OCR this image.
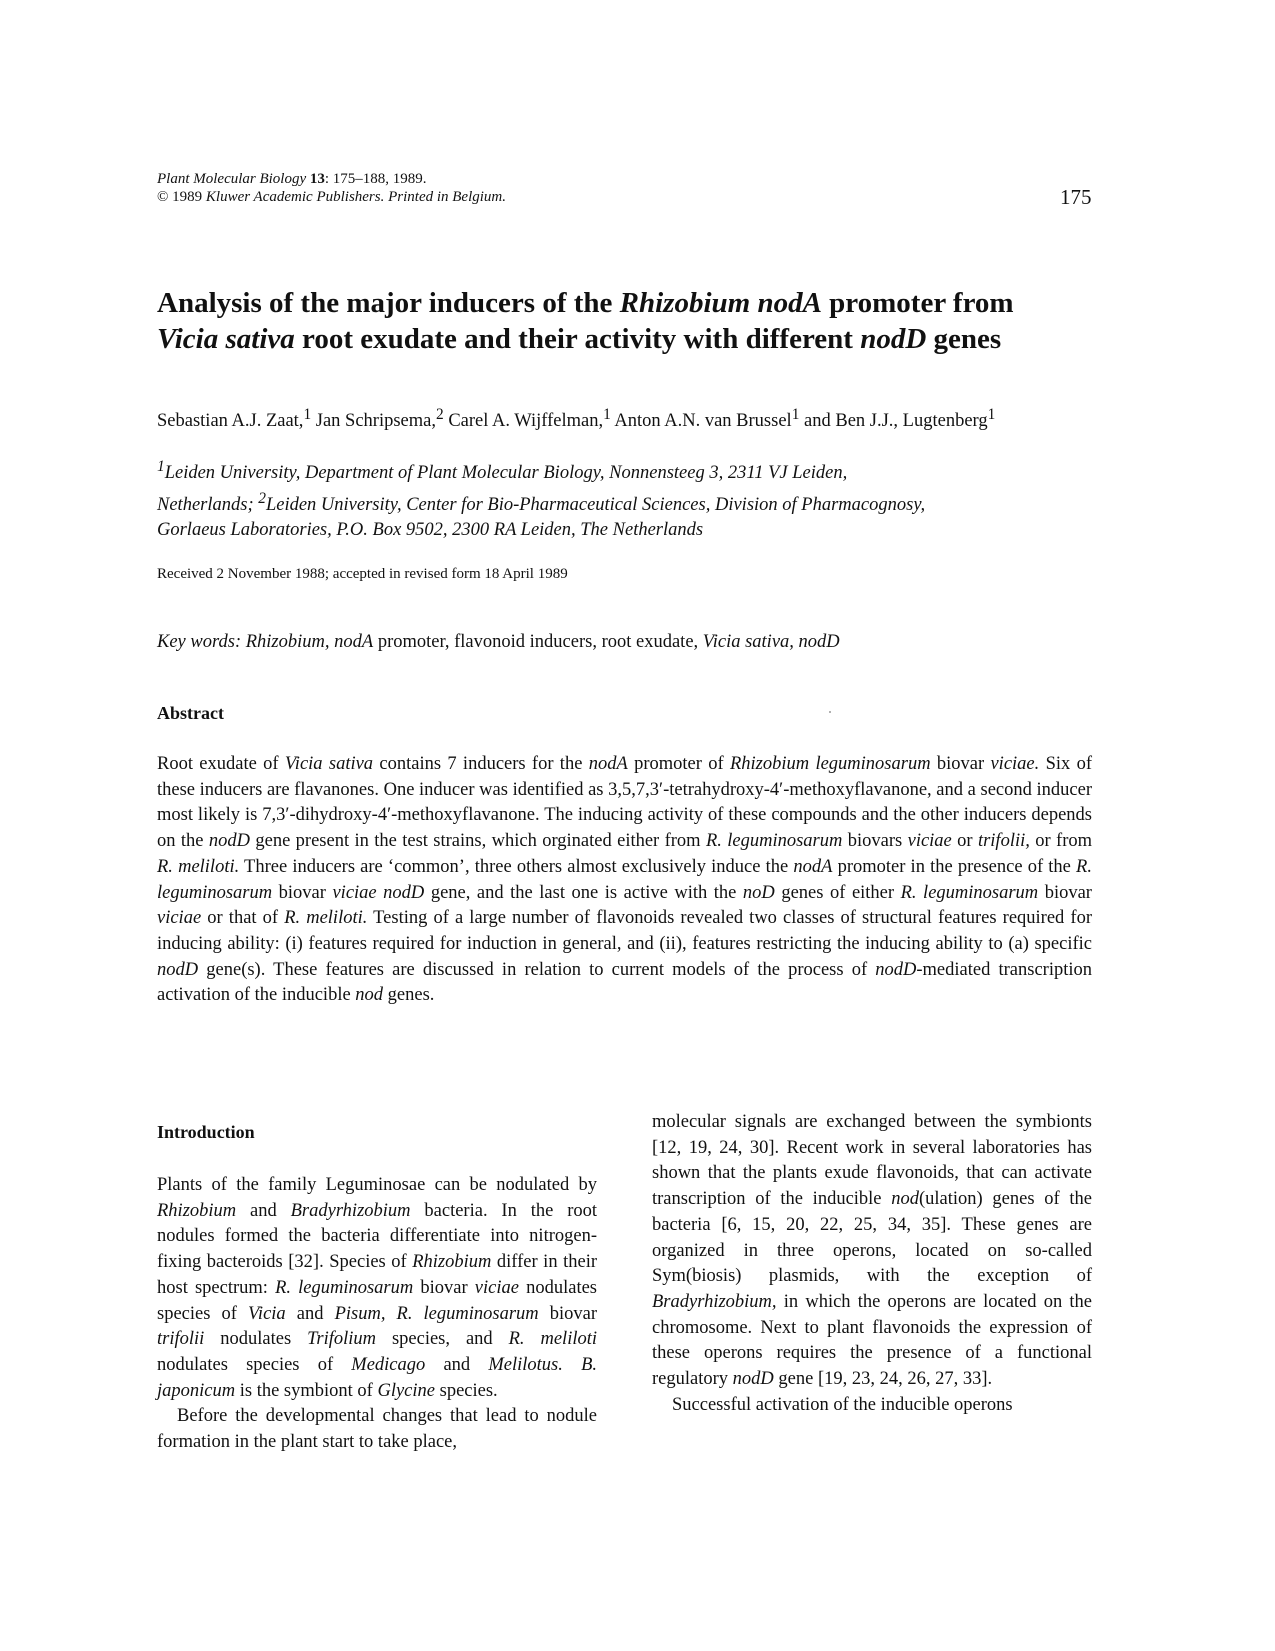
Plant Molecular Biology 13: 175–188, 1989.
© 1989 Kluwer Academic Publishers. Printed in Belgium.	175
Analysis of the major inducers of the Rhizobium nodA promoter from
Vicia sativa root exudate and their activity with different nodD genes
Sebastian A.J. Zaat,$^1$ Jan Schripsema,$^2$ Carel A. Wijffelman,$^1$ Anton A.N. van Brussel$^1$ and Ben J.J., Lugtenberg$^1$
$^1$Leiden University, Department of Plant Molecular Biology, Nonnensteeg 3, 2311 VJ Leiden,
Netherlands; $^2$Leiden University, Center for Bio-Pharmaceutical Sciences, Division of Pharmacognosy,
Gorlaeus Laboratories, P.O. Box 9502, 2300 RA Leiden, The Netherlands
Received 2 November 1988; accepted in revised form 18 April 1989
Key words: Rhizobium, nodA promoter, flavonoid inducers, root exudate, Vicia sativa, nodD
Abstract
Root exudate of Vicia sativa contains 7 inducers for the nodA promoter of Rhizobium leguminosarum biovar viciae. Six of these inducers are flavanones. One inducer was identified as 3,5,7,3′-tetrahydroxy-4′-methoxyflavanone, and a second inducer most likely is 7,3′-dihydroxy-4′-methoxyflavanone. The inducing activity of these compounds and the other inducers depends on the nodD gene present in the test strains, which orginated either from R. leguminosarum biovars viciae or trifolii, or from R. meliloti. Three inducers are ‘common’, three others almost exclusively induce the nodA promoter in the presence of the R. leguminosarum biovar viciae nodD gene, and the last one is active with the noD genes of either R. leguminosarum biovar viciae or that of R. meliloti. Testing of a large number of flavonoids revealed two classes of structural features required for inducing ability: (i) features required for induction in general, and (ii), features restricting the inducing ability to (a) specific nodD gene(s). These features are discussed in relation to current models of the process of nodD-mediated transcription activation of the inducible nod genes.
Introduction

Plants of the family Leguminosae can be nodulated by Rhizobium and Bradyrhizobium bacteria. In the root nodules formed the bacteria differentiate into nitrogen-fixing bacteroids [32]. Species of Rhizobium differ in their host spectrum: R. leguminosarum biovar viciae nodulates species of Vicia and Pisum, R. leguminosarum biovar trifolii nodulates Trifolium species, and R. meliloti nodulates species of Medicago and Melilotus. B. japonicum is the symbiont of Glycine species.

Before the developmental changes that lead to nodule formation in the plant start to take place,

molecular signals are exchanged between the symbionts [12, 19, 24, 30]. Recent work in several laboratories has shown that the plants exude flavonoids, that can activate transcription of the inducible nod(ulation) genes of the bacteria [6, 15, 20, 22, 25, 34, 35]. These genes are organized in three operons, located on so-called Sym(biosis) plasmids, with the exception of Bradyrhizobium, in which the operons are located on the chromosome. Next to plant flavonoids the expression of these operons requires the presence of a functional regulatory nodD gene [19, 23, 24, 26, 27, 33].

Successful activation of the inducible operons
